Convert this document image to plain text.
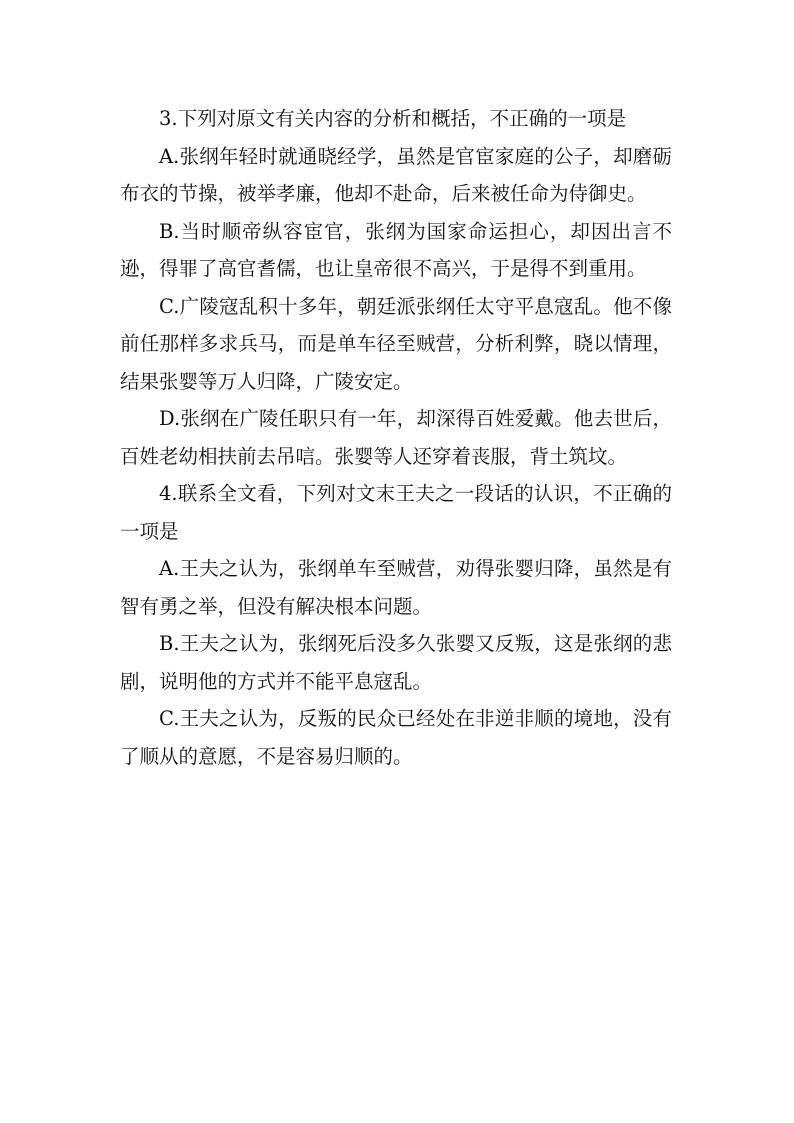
3.下列对原文有关内容的分析和概括，不正确的一项是

A.张纲年轻时就通晓经学，虽然是官宦家庭的公子，却磨砺布衣的节操，被举孝廉，他却不赴命，后来被任命为侍御史。

B.当时顺帝纵容宦官，张纲为国家命运担心，却因出言不逊，得罪了高官耆儒，也让皇帝很不高兴，于是得不到重用。

C.广陵寇乱积十多年，朝廷派张纲任太守平息寇乱。他不像前任那样多求兵马，而是单车径至贼营，分析利弊，晓以情理，结果张婴等万人归降，广陵安定。

D.张纲在广陵任职只有一年，却深得百姓爱戴。他去世后，百姓老幼相扶前去吊唁。张婴等人还穿着丧服，背土筑坟。

4.联系全文看，下列对文末王夫之一段话的认识，不正确的一项是

A.王夫之认为，张纲单车至贼营，劝得张婴归降，虽然是有智有勇之举，但没有解决根本问题。

B.王夫之认为，张纲死后没多久张婴又反叛，这是张纲的悲剧，说明他的方式并不能平息寇乱。

C.王夫之认为，反叛的民众已经处在非逆非顺的境地，没有了顺从的意愿，不是容易归顺的。
